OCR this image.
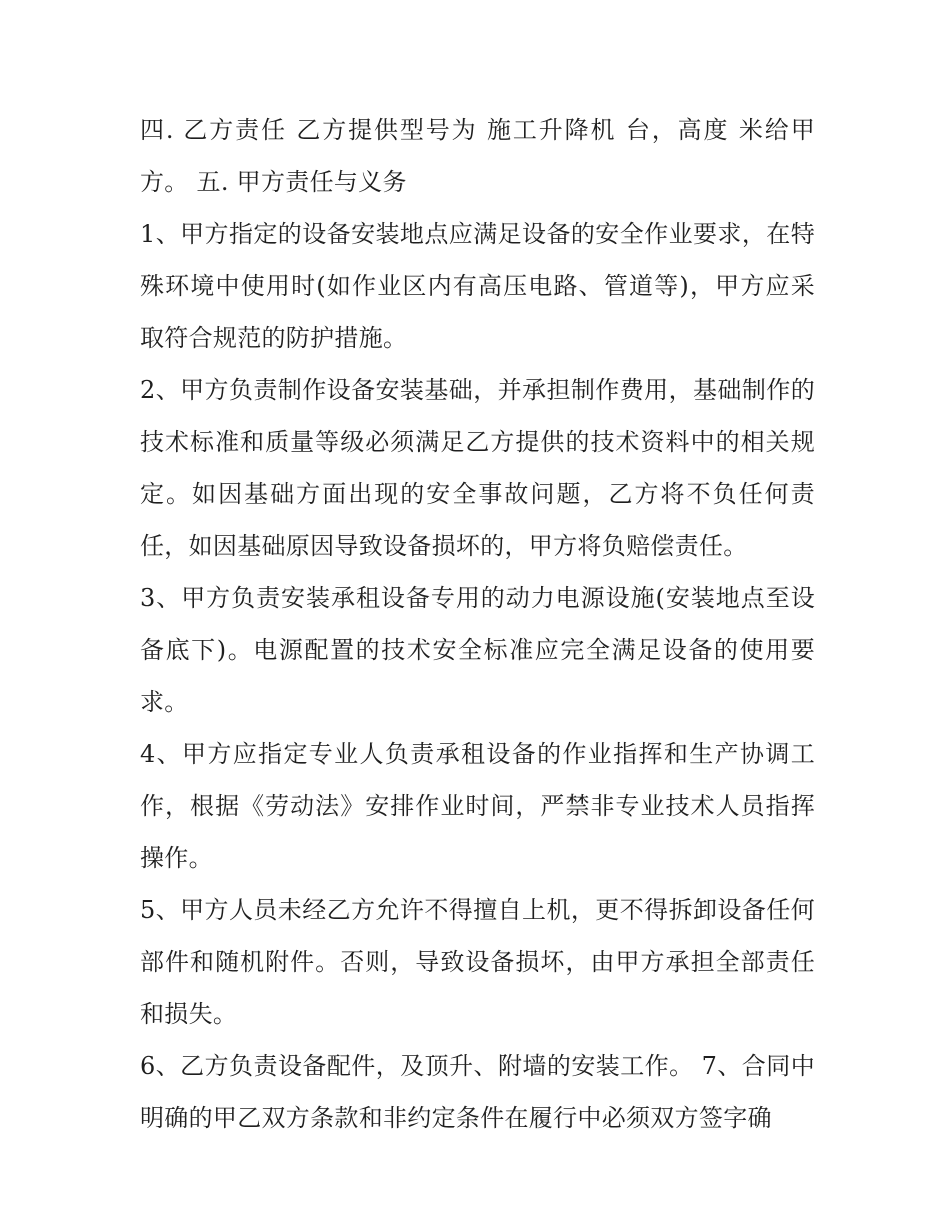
四. 乙方责任 乙方提供型号为 施工升降机 台，高度 米给甲方。 五. 甲方责任与义务

1、甲方指定的设备安装地点应满足设备的安全作业要求，在特殊环境中使用时(如作业区内有高压电路、管道等)，甲方应采取符合规范的防护措施。

2、甲方负责制作设备安装基础，并承担制作费用，基础制作的技术标准和质量等级必须满足乙方提供的技术资料中的相关规定。如因基础方面出现的安全事故问题，乙方将不负任何责任，如因基础原因导致设备损坏的，甲方将负赔偿责任。

3、甲方负责安装承租设备专用的动力电源设施(安装地点至设备底下)。电源配置的技术安全标准应完全满足设备的使用要求。

4、甲方应指定专业人负责承租设备的作业指挥和生产协调工作，根据《劳动法》安排作业时间，严禁非专业技术人员指挥操作。

5、甲方人员未经乙方允许不得擅自上机，更不得拆卸设备任何部件和随机附件。否则，导致设备损坏，由甲方承担全部责任和损失。

6、乙方负责设备配件，及顶升、附墙的安装工作。 7、合同中明确的甲乙双方条款和非约定条件在履行中必须双方签字确
